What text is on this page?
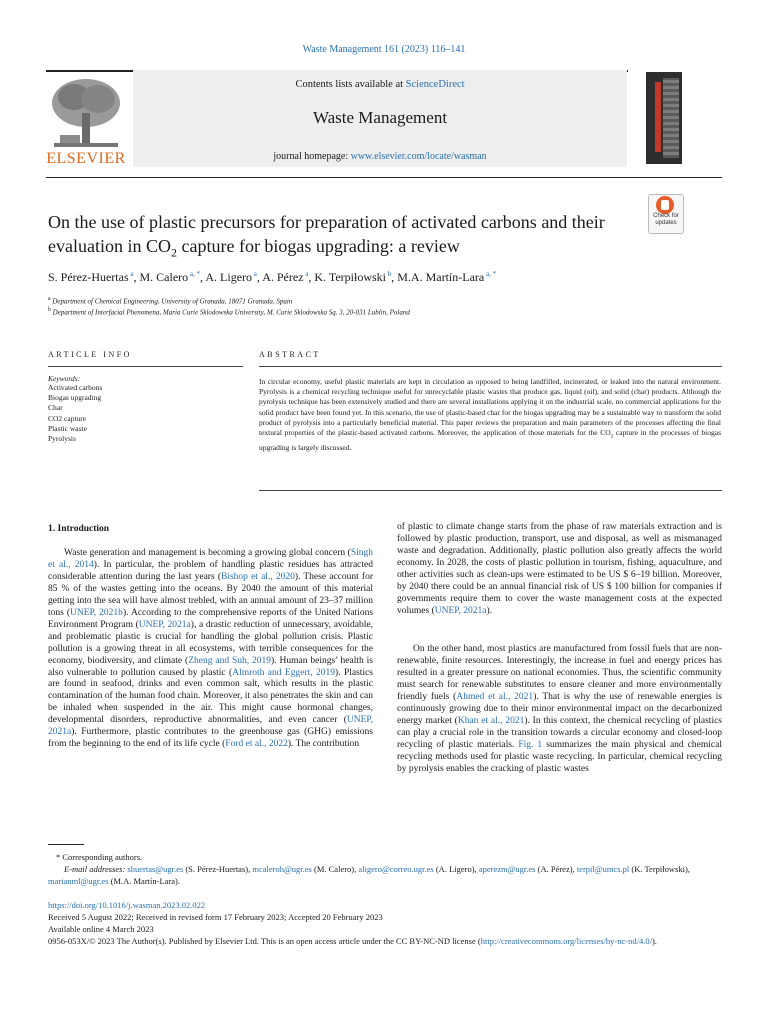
Waste Management 161 (2023) 116–141
ELSEVIER
Contents lists available at ScienceDirect
Waste Management
journal homepage: www.elsevier.com/locate/wasman
Check for
updates
On the use of plastic precursors for preparation of activated carbons and their evaluation in $CO_2$ capture for biogas upgrading: a review
S. Pérez-Huertas $^a$, M. Calero $^{a, *}$, A. Ligero $^a$, A. Pérez $^a$, K. Terpiłowski $^b$, M.A. Martín-Lara $^{a, *}$
$^a$ Department of Chemical Engineering, University of Granada, 18071 Granada, Spain
$^b$ Department of Interfacial Phenomena, Maria Curie Sklodowska University, M. Curie Sklodowska Sq. 3, 20-031 Lublin, Poland
ARTICLE INFO
Keywords:
Activated carbons
Biogas upgrading
Char
CO2 capture
Plastic waste
Pyrolysis
ABSTRACT
In circular economy, useful plastic materials are kept in circulation as opposed to being landfilled, incinerated, or leaked into the natural environment. Pyrolysis is a chemical recycling technique useful for unrecyclable plastic wastes that produce gas, liquid (oil), and solid (char) products. Although the pyrolysis technique has been extensively studied and there are several installations applying it on the industrial scale, no commercial applications for the solid product have been found yet. In this scenario, the use of plastic-based char for the biogas upgrading may be a sustainable way to transform the solid product of pyrolysis into a particularly beneficial material. This paper reviews the preparation and main parameters of the processes affecting the final textural properties of the plastic-based activated carbons. Moreover, the application of those materials for the $CO_2$ capture in the processes of biogas upgrading is largely discussed.
1. Introduction
Waste generation and management is becoming a growing global concern (Singh et al., 2014). In particular, the problem of handling plastic residues has attracted considerable attention during the last years (Bishop et al., 2020). These account for 85 % of the wastes getting into the oceans. By 2040 the amount of this material getting into the sea will have almost trebled, with an annual amount of 23–37 million tons (UNEP, 2021b). According to the comprehensive reports of the United Nations Environment Program (UNEP, 2021a), a drastic reduction of unnecessary, avoidable, and problematic plastic is crucial for handling the global pollution crisis. Plastic pollution is a growing threat in all ecosystems, with terrible consequences for the economy, biodiversity, and climate (Zheng and Suh, 2019). Human beings’ health is also vulnerable to pollution caused by plastic (Almroth and Eggert, 2019). Plastics are found in seafood, drinks and even common salt, which results in the plastic contamination of the human food chain. Moreover, it also penetrates the skin and can be inhaled when suspended in the air. This might cause hormonal changes, developmental disorders, reproductive abnormalities, and even cancer (UNEP, 2021a). Furthermore, plastic contributes to the greenhouse gas (GHG) emissions from the beginning to the end of its life cycle (Ford et al., 2022). The contribution
of plastic to climate change starts from the phase of raw materials extraction and is followed by plastic production, transport, use and disposal, as well as mismanaged waste and degradation. Additionally, plastic pollution also greatly affects the world economy. In 2028, the costs of plastic pollution in tourism, fishing, aquaculture, and other activities such as clean-ups were estimated to be US $ 6–19 billion. Moreover, by 2040 there could be an annual financial risk of US $ 100 billion for companies if governments require them to cover the waste management costs at the expected volumes (UNEP, 2021a).
On the other hand, most plastics are manufactured from fossil fuels that are non-renewable, finite resources. Interestingly, the increase in fuel and energy prices has resulted in a greater pressure on national economies. Thus, the scientific community must search for renewable substitutes to ensure cleaner and more environmentally friendly fuels (Ahmed et al., 2021). That is why the use of renewable energies is continuously growing due to their minor environmental impact on the decarbonized energy market (Khan et al., 2021). In this context, the chemical recycling of plastics can play a crucial role in the transition towards a circular economy and closed-loop recycling of plastic materials. Fig. 1 summarizes the main physical and chemical recycling methods used for plastic waste recycling. In particular, chemical recycling by pyrolysis enables the cracking of plastic wastes
* Corresponding authors.
E-mail addresses: shuertas@ugr.es (S. Pérez-Huertas), mcaleroh@ugr.es (M. Calero), aligero@correo.ugr.es (A. Ligero), aperezm@ugr.es (A. Pérez), terpil@umcs.pl (K. Terpiłowski), marianml@ugr.es (M.A. Martín-Lara).
https://doi.org/10.1016/j.wasman.2023.02.022
Received 5 August 2022; Received in revised form 17 February 2023; Accepted 20 February 2023
Available online 4 March 2023
0956-053X/© 2023 The Author(s). Published by Elsevier Ltd. This is an open access article under the CC BY-NC-ND license (http://creativecommons.org/licenses/by-nc-nd/4.0/).
